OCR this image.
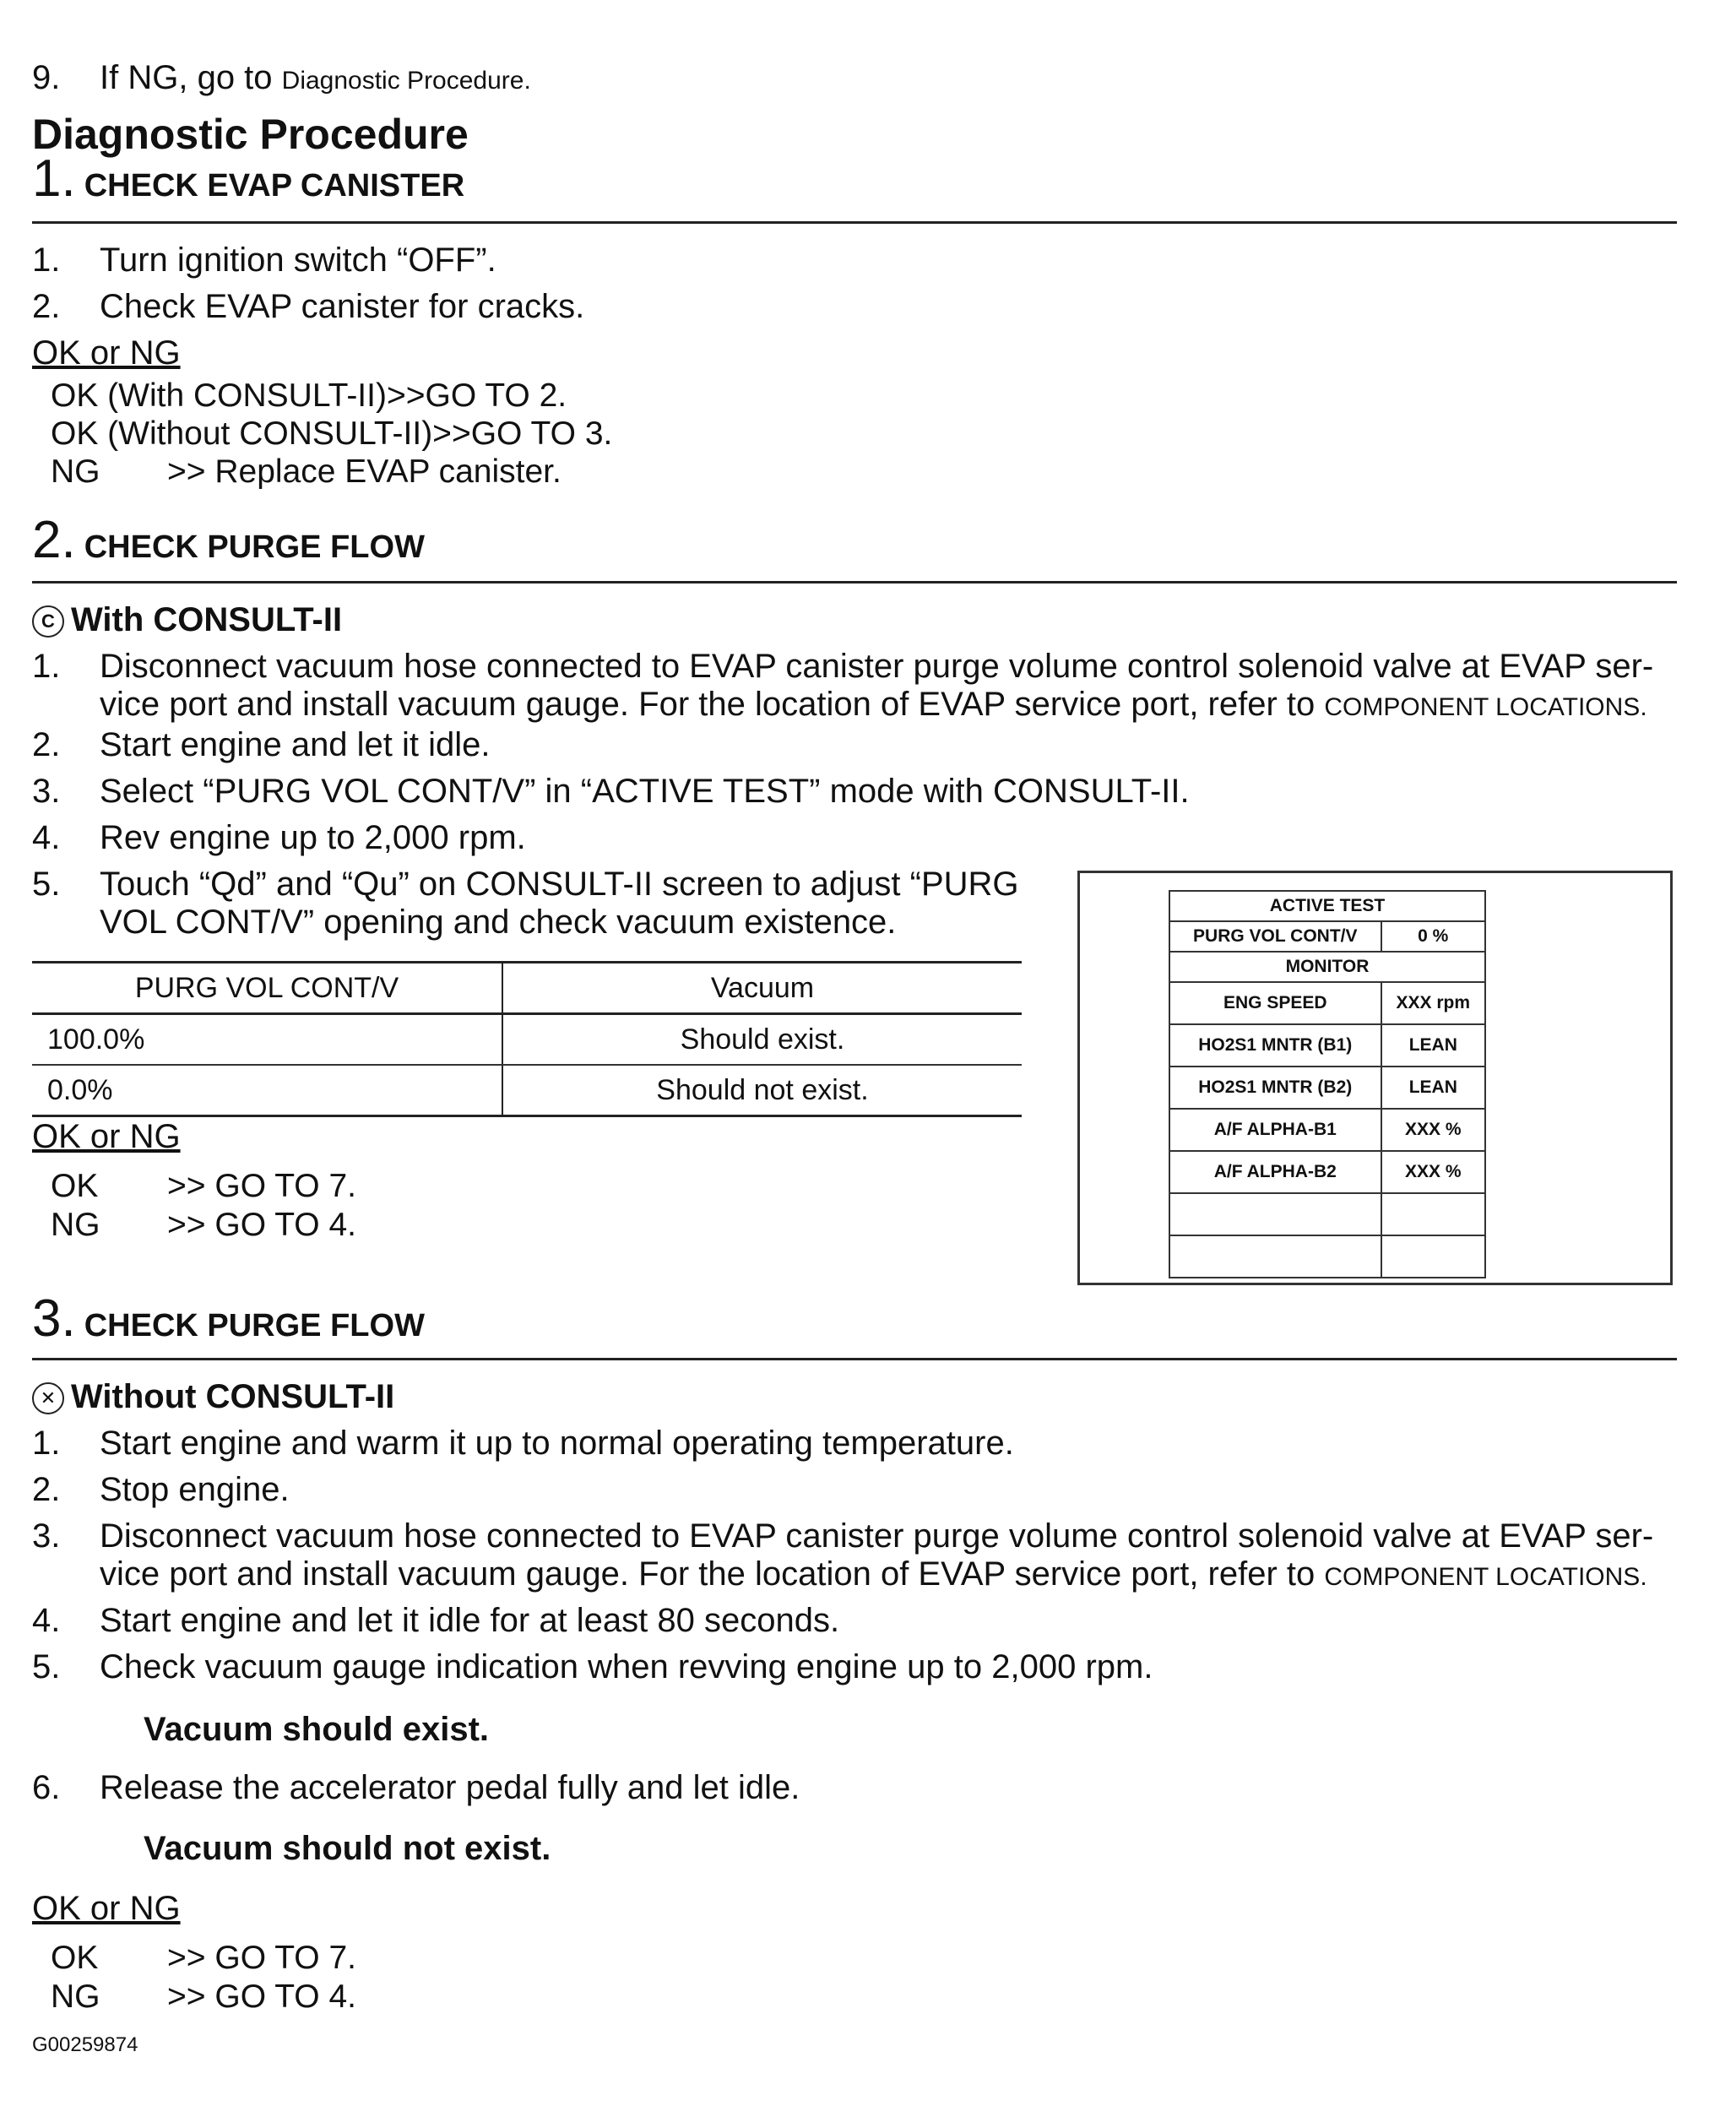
9. If NG, go to Diagnostic Procedure.
Diagnostic Procedure
1. CHECK EVAP CANISTER
1. Turn ignition switch “OFF”.
2. Check EVAP canister for cracks.
OK or NG
OK (With CONSULT-II)>>GO TO 2.
OK (Without CONSULT-II)>>GO TO 3.
NG >> Replace EVAP canister.
2. CHECK PURGE FLOW
C With CONSULT-II
1. Disconnect vacuum hose connected to EVAP canister purge volume control solenoid valve at EVAP ser-
vice port and install vacuum gauge. For the location of EVAP service port, refer to COMPONENT LOCATIONS.
2. Start engine and let it idle.
3. Select “PURG VOL CONT/V” in “ACTIVE TEST” mode with CONSULT-II.
4. Rev engine up to 2,000 rpm.
5. Touch “Qd” and “Qu” on CONSULT-II screen to adjust “PURG
VOL CONT/V” opening and check vacuum existence.
PURG VOL CONT/V	Vacuum
100.0%	Should exist.
0.0%	Should not exist.
OK or NG
OK >> GO TO 7.
NG >> GO TO 4.
ACTIVE TEST	
PURG VOL CONT/V	0 %
MONITOR	
ENG SPEED	XXX rpm
HO2S1 MNTR (B1)	LEAN
HO2S1 MNTR (B2)	LEAN
A/F ALPHA-B1	XXX %
A/F ALPHA-B2	XXX %

3. CHECK PURGE FLOW
✕ Without CONSULT-II
1. Start engine and warm it up to normal operating temperature.
2. Stop engine.
3. Disconnect vacuum hose connected to EVAP canister purge volume control solenoid valve at EVAP ser-
vice port and install vacuum gauge. For the location of EVAP service port, refer to COMPONENT LOCATIONS.
4. Start engine and let it idle for at least 80 seconds.
5. Check vacuum gauge indication when revving engine up to 2,000 rpm.
Vacuum should exist.
6. Release the accelerator pedal fully and let idle.
Vacuum should not exist.
OK or NG
OK >> GO TO 7.
NG >> GO TO 4.
G00259874
